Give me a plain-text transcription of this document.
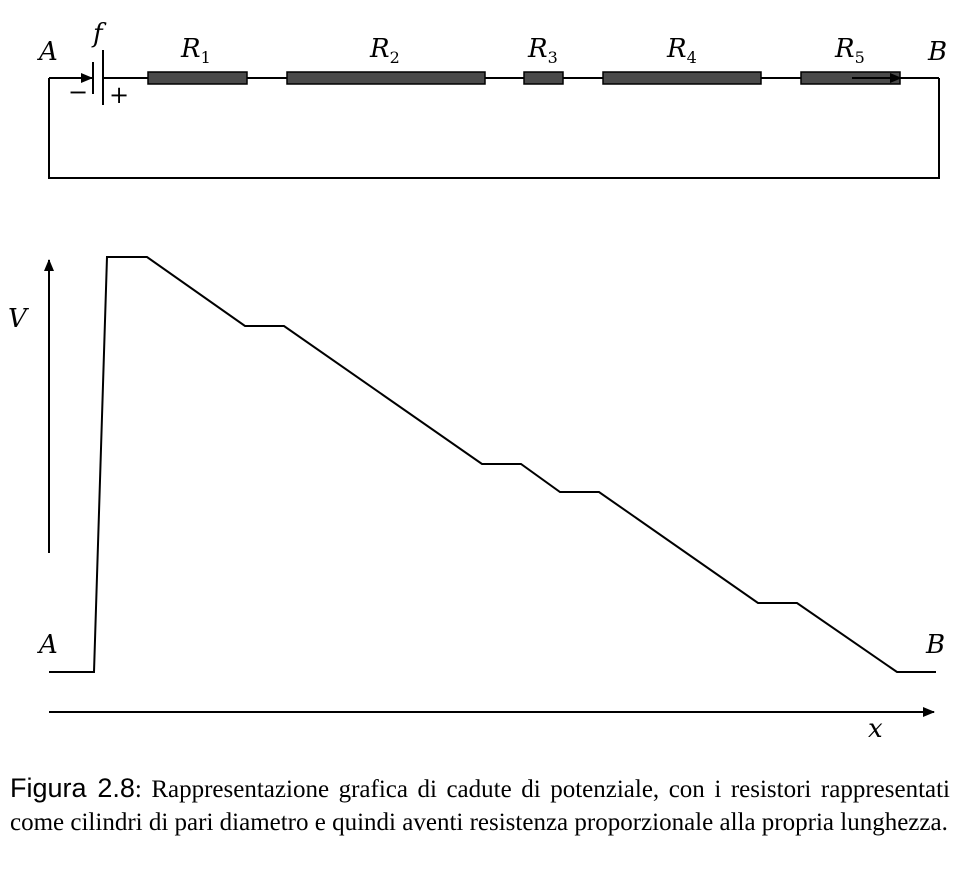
A	B
f
− +
$R_1$	$R_2$	$R_3$	$R_4$	$R_5$
V
x
A	B
Figura 2.8: Rappresentazione grafica di cadute di potenziale, con i resistori rappresentati come cilindri di pari diametro e quindi aventi resistenza proporzionale alla propria lunghezza.
